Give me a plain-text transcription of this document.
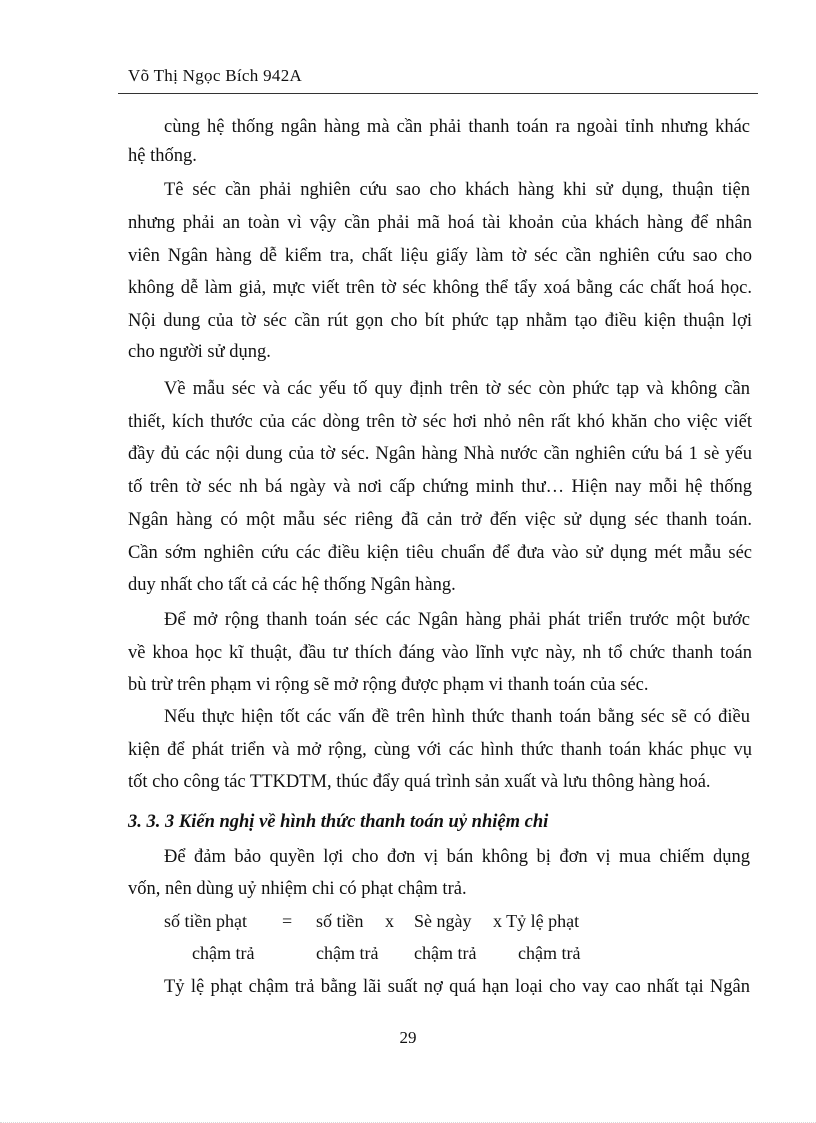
Võ Thị Ngọc Bích 942A
cùng hệ thống ngân hàng mà cần phải thanh toán ra ngoài tỉnh nhưng khác
hệ thống.
Tê séc cần phải nghiên cứu sao cho khách hàng khi sử dụng, thuận tiện
nhưng phải an toàn vì vậy cần phải mã hoá tài khoản của khách hàng để nhân
viên Ngân hàng dễ kiểm tra, chất liệu giấy làm tờ séc cần nghiên cứu sao cho
không dễ làm giả, mực viết trên tờ séc không thể tẩy xoá bằng các chất hoá học.
Nội dung của tờ séc cần rút gọn cho bít phức tạp nhằm tạo điều kiện thuận lợi
cho người sử dụng.
Về mẫu séc và các yếu tố quy định trên tờ séc còn phức tạp và không cần
thiết, kích thước của các dòng trên tờ séc hơi nhỏ nên rất khó khăn cho việc viết
đầy đủ các nội dung của tờ séc. Ngân hàng Nhà nước cần nghiên cứu bá 1 sè yếu
tố trên tờ séc nh bá ngày và nơi cấp chứng minh thư… Hiện nay mỗi hệ thống
Ngân hàng có một mẫu séc riêng đã cản trở đến việc sử dụng séc thanh toán.
Cần sớm nghiên cứu các điều kiện tiêu chuẩn để đưa vào sử dụng mét mẫu séc
duy nhất cho tất cả các hệ thống Ngân hàng.
Để mở rộng thanh toán séc các Ngân hàng phải phát triển trước một bước
về khoa học kĩ thuật, đầu tư thích đáng vào lĩnh vực này, nh tổ chức thanh toán
bù trừ trên phạm vi rộng sẽ mở rộng được phạm vi thanh toán của séc.
Nếu thực hiện tốt các vấn đề trên hình thức thanh toán bằng séc sẽ có điều
kiện để phát triển và mở rộng, cùng với các hình thức thanh toán khác phục vụ
tốt cho công tác TTKDTM, thúc đẩy quá trình sản xuất và lưu thông hàng hoá.
3. 3. 3 Kiến nghị về hình thức thanh toán uỷ nhiệm chi
Để đảm bảo quyền lợi cho đơn vị bán không bị đơn vị mua chiếm dụng
vốn, nên dùng uỷ nhiệm chi có phạt chậm trả.
số tiền phạt = số tiền x Sè ngày x Tỷ lệ phạt
chậm trả	chậm trả chậm trả chậm trả
Tỷ lệ phạt chậm trả bằng lãi suất nợ quá hạn loại cho vay cao nhất tại Ngân
29
